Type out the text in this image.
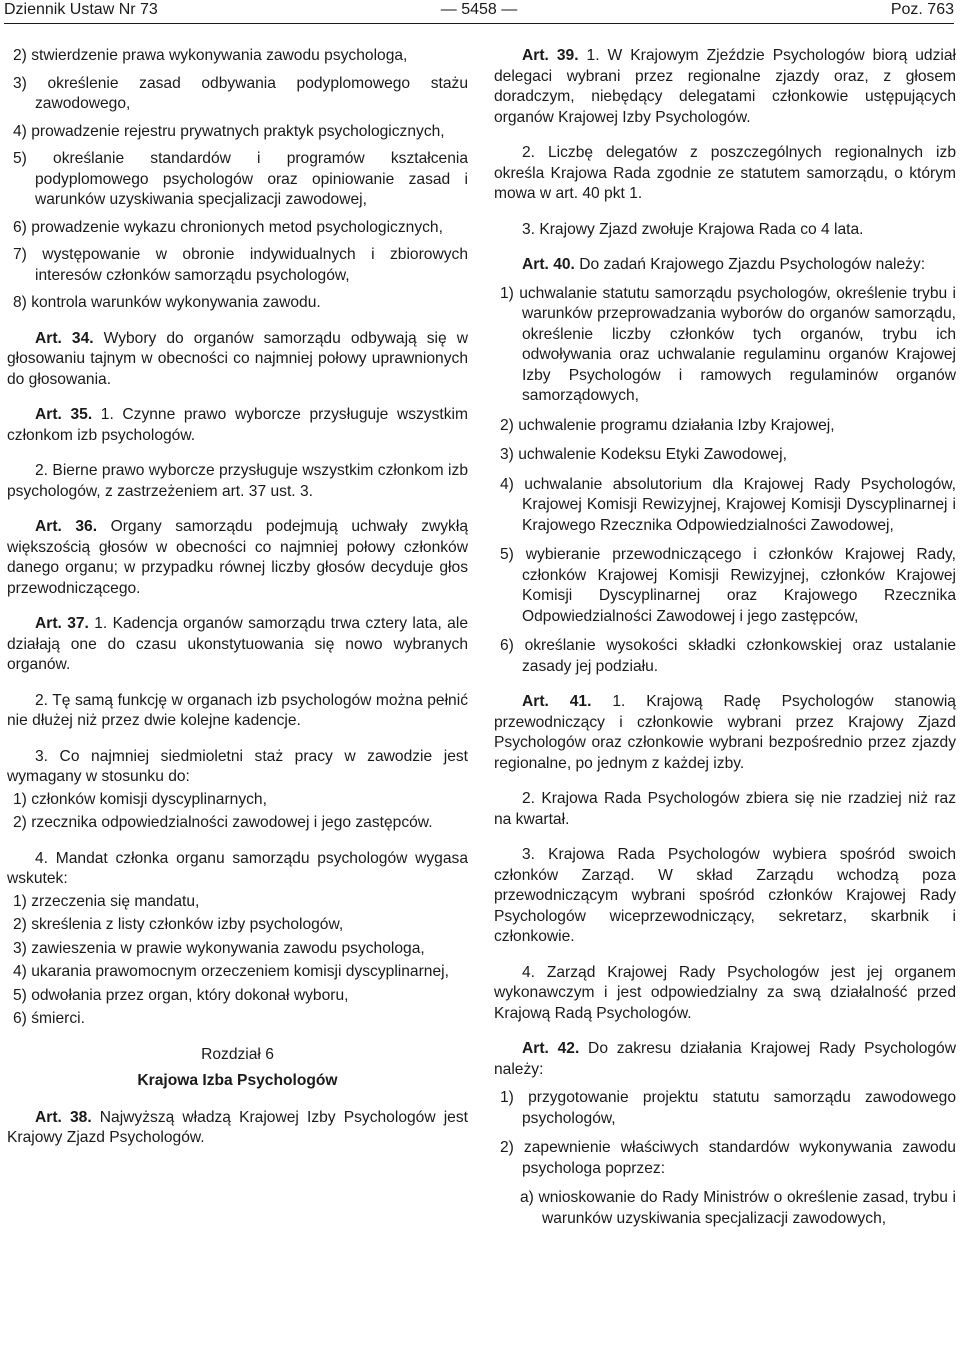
Dziennik Ustaw Nr 73	— 5458 —	Poz. 763
2) stwierdzenie prawa wykonywania zawodu psychologa,
3) określenie zasad odbywania podyplomowego stażu zawodowego,
4) prowadzenie rejestru prywatnych praktyk psychologicznych,
5) określanie standardów i programów kształcenia podyplomowego psychologów oraz opiniowanie zasad i warunków uzyskiwania specjalizacji zawodowej,
6) prowadzenie wykazu chronionych metod psychologicznych,
7) występowanie w obronie indywidualnych i zbiorowych interesów członków samorządu psychologów,
8) kontrola warunków wykonywania zawodu.

Art. 34. Wybory do organów samorządu odbywają się w głosowaniu tajnym w obecności co najmniej połowy uprawnionych do głosowania.

Art. 35. 1. Czynne prawo wyborcze przysługuje wszystkim członkom izb psychologów.

2. Bierne prawo wyborcze przysługuje wszystkim członkom izb psychologów, z zastrzeżeniem art. 37 ust. 3.

Art. 36. Organy samorządu podejmują uchwały zwykłą większością głosów w obecności co najmniej połowy członków danego organu; w przypadku równej liczby głosów decyduje głos przewodniczącego.

Art. 37. 1. Kadencja organów samorządu trwa cztery lata, ale działają one do czasu ukonstytuowania się nowo wybranych organów.

2. Tę samą funkcję w organach izb psychologów można pełnić nie dłużej niż przez dwie kolejne kadencje.

3. Co najmniej siedmioletni staż pracy w zawodzie jest wymagany w stosunku do:

1) członków komisji dyscyplinarnych,
2) rzecznika odpowiedzialności zawodowej i jego zastępców.

4. Mandat członka organu samorządu psychologów wygasa wskutek:

1) zrzeczenia się mandatu,
2) skreślenia z listy członków izby psychologów,
3) zawieszenia w prawie wykonywania zawodu psychologa,
4) ukarania prawomocnym orzeczeniem komisji dyscyplinarnej,
5) odwołania przez organ, który dokonał wyboru,
6) śmierci.
Rozdział 6
Krajowa Izba Psychologów

Art. 38. Najwyższą władzą Krajowej Izby Psychologów jest Krajowy Zjazd Psychologów.

Art. 39. 1. W Krajowym Zjeździe Psychologów biorą udział delegaci wybrani przez regionalne zjazdy oraz, z głosem doradczym, niebędący delegatami członkowie ustępujących organów Krajowej Izby Psychologów.

2. Liczbę delegatów z poszczególnych regionalnych izb określa Krajowa Rada zgodnie ze statutem samorządu, o którym mowa w art. 40 pkt 1.

3. Krajowy Zjazd zwołuje Krajowa Rada co 4 lata.

Art. 40. Do zadań Krajowego Zjazdu Psychologów należy:

1) uchwalanie statutu samorządu psychologów, określenie trybu i warunków przeprowadzania wyborów do organów samorządu, określenie liczby członków tych organów, trybu ich odwoływania oraz uchwalanie regulaminu organów Krajowej Izby Psychologów i ramowych regulaminów organów samorządowych,
2) uchwalenie programu działania Izby Krajowej,
3) uchwalenie Kodeksu Etyki Zawodowej,
4) uchwalanie absolutorium dla Krajowej Rady Psychologów, Krajowej Komisji Rewizyjnej, Krajowej Komisji Dyscyplinarnej i Krajowego Rzecznika Odpowiedzialności Zawodowej,
5) wybieranie przewodniczącego i członków Krajowej Rady, członków Krajowej Komisji Rewizyjnej, członków Krajowej Komisji Dyscyplinarnej oraz Krajowego Rzecznika Odpowiedzialności Zawodowej i jego zastępców,
6) określanie wysokości składki członkowskiej oraz ustalanie zasady jej podziału.

Art. 41. 1. Krajową Radę Psychologów stanowią przewodniczący i członkowie wybrani przez Krajowy Zjazd Psychologów oraz członkowie wybrani bezpośrednio przez zjazdy regionalne, po jednym z każdej izby.

2. Krajowa Rada Psychologów zbiera się nie rzadziej niż raz na kwartał.

3. Krajowa Rada Psychologów wybiera spośród swoich członków Zarząd. W skład Zarządu wchodzą poza przewodniczącym wybrani spośród członków Krajowej Rady Psychologów wiceprzewodniczący, sekretarz, skarbnik i członkowie.

4. Zarząd Krajowej Rady Psychologów jest jej organem wykonawczym i jest odpowiedzialny za swą działalność przed Krajową Radą Psychologów.

Art. 42. Do zakresu działania Krajowej Rady Psychologów należy:

1) przygotowanie projektu statutu samorządu zawodowego psychologów,
2) zapewnienie właściwych standardów wykonywania zawodu psychologa poprzez:
a) wnioskowanie do Rady Ministrów o określenie zasad, trybu i warunków uzyskiwania specjalizacji zawodowych,
